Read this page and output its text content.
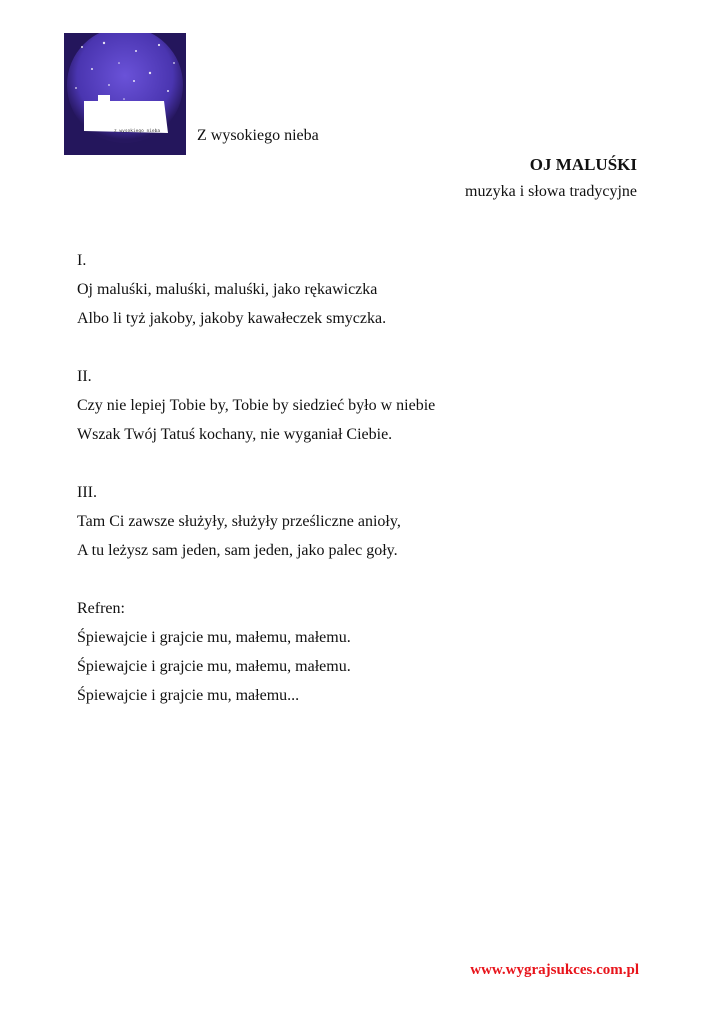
z wysokiego nieba Z wysokiego nieba
OJ MALUŚKI
muzyka i słowa tradycyjne
I.
Oj maluśki, maluśki, maluśki, jako rękawiczka
Albo li tyż jakoby, jakoby kawałeczek smyczka.
II.
Czy nie lepiej Tobie by, Tobie by siedzieć było w niebie
Wszak Twój Tatuś kochany, nie wyganiał Ciebie.
III.
Tam Ci zawsze służyły, służyły prześliczne anioły,
A tu leżysz sam jeden, sam jeden, jako palec goły.
Refren:
Śpiewajcie i grajcie mu, małemu, małemu.
Śpiewajcie i grajcie mu, małemu, małemu.
Śpiewajcie i grajcie mu, małemu...
www.wygrajsukces.com.pl
